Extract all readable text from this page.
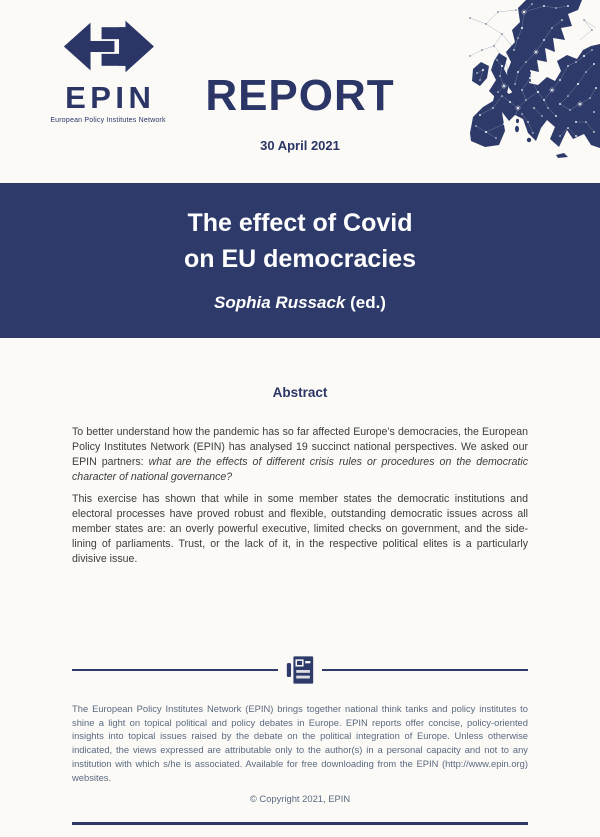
EPIN
European Policy Institutes Network
REPORT
30 April 2021
The effect of Covid
on EU democracies

Sophia Russack (ed.)

Abstract

To better understand how the pandemic has so far affected Europe’s democracies, the European Policy Institutes Network (EPIN) has analysed 19 succinct national perspectives. We asked our EPIN partners: what are the effects of different crisis rules or procedures on the democratic character of national governance?

This exercise has shown that while in some member states the democratic institutions and electoral processes have proved robust and flexible, outstanding democratic issues across all member states are: an overly powerful executive, limited checks on government, and the side-lining of parliaments. Trust, or the lack of it, in the respective political elites is a particularly divisive issue.

The European Policy Institutes Network (EPIN) brings together national think tanks and policy institutes to shine a light on topical political and policy debates in Europe. EPIN reports offer concise, policy-oriented insights into topical issues raised by the debate on the political integration of Europe. Unless otherwise indicated, the views expressed are attributable only to the author(s) in a personal capacity and not to any institution with which s/he is associated. Available for free downloading from the EPIN (http://www.epin.org) websites.

© Copyright 2021, EPIN
